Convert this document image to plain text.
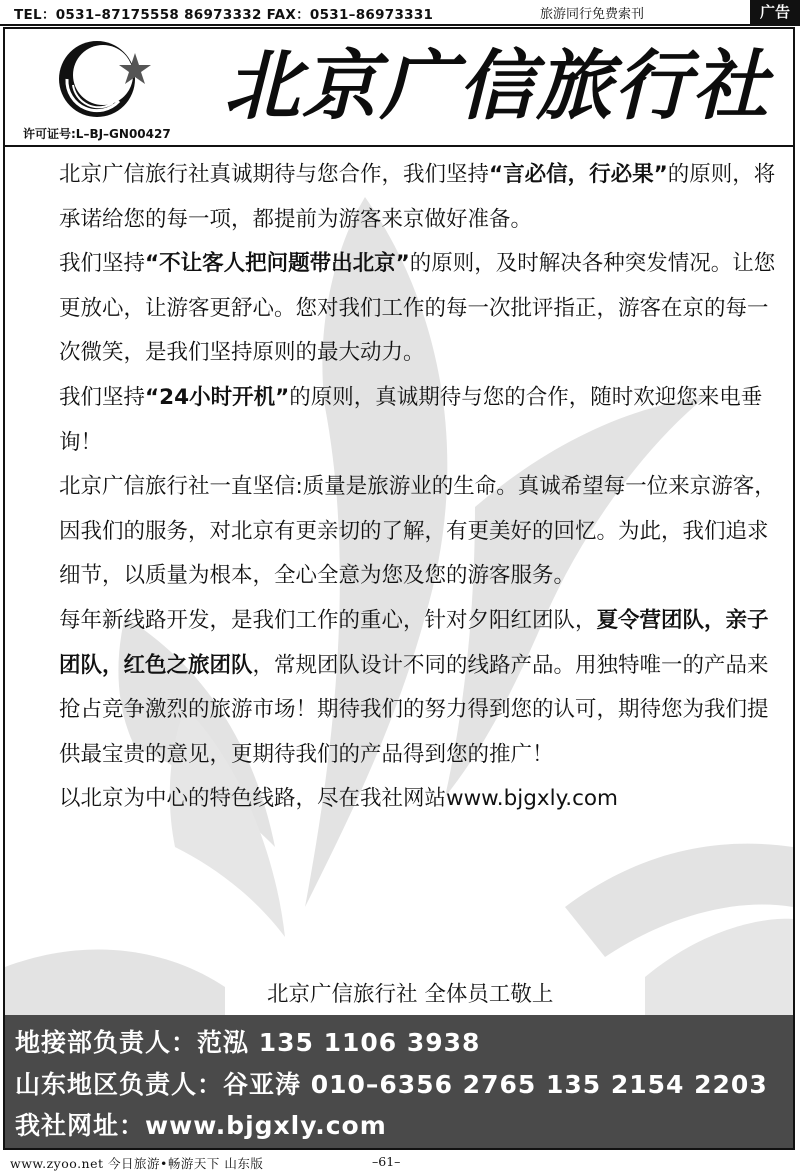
TEL：0531–87175558 86973332 FAX：0531–86973331	旅游同行免费索刊	广告
许可证号:L–BJ–GN00427
北京广信旅行社

北京广信旅行社真诚期待与您合作，我们坚持“言必信，行必果”的原则，将承诺给您的每一项，都提前为游客来京做好准备。

我们坚持“不让客人把问题带出北京”的原则，及时解决各种突发情况。让您更放心，让游客更舒心。您对我们工作的每一次批评指正，游客在京的每一次微笑，是我们坚持原则的最大动力。

我们坚持“24小时开机”的原则，真诚期待与您的合作，随时欢迎您来电垂询！

北京广信旅行社一直坚信:质量是旅游业的生命。真诚希望每一位来京游客，因我们的服务，对北京有更亲切的了解，有更美好的回忆。为此，我们追求细节，以质量为根本，全心全意为您及您的游客服务。

每年新线路开发，是我们工作的重心，针对夕阳红团队，夏令营团队，亲子团队，红色之旅团队，常规团队设计不同的线路产品。用独特唯一的产品来抢占竞争激烈的旅游市场！期待我们的努力得到您的认可，期待您为我们提供最宝贵的意见，更期待我们的产品得到您的推广！

以北京为中心的特色线路，尽在我社网站www.bjgxly.com

北京广信旅行社 全体员工敬上
地接部负责人：范泓 135 1106 3938
山东地区负责人：谷亚涛 010–6356 2765 135 2154 2203
我社网址：www.bjgxly.com
www.zyoo.net 今日旅游•畅游天下 山东版	–61–
